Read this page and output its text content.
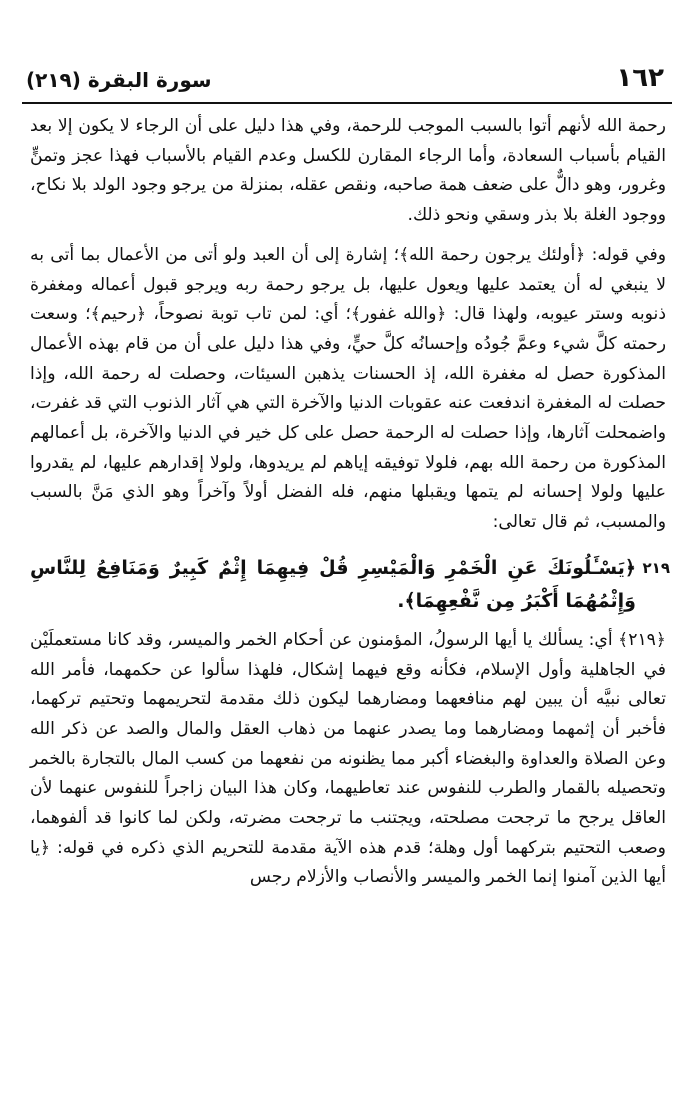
١٦٢
سورة البقرة (٢١٩)

رحمة الله لأنهم أتوا بالسبب الموجب للرحمة، وفي هذا دليل على أن الرجاء لا يكون إلا بعد القيام بأسباب السعادة، وأما الرجاء المقارن للكسل وعدم القيام بالأسباب فهذا عجز وتمنٍّ وغرور، وهو دالٌّ على ضعف همة صاحبه، ونقص عقله، بمنزلة من يرجو وجود الولد بلا نكاح، ووجود الغلة بلا بذر وسقي ونحو ذلك.

وفي قوله: ﴿أولئك يرجون رحمة الله﴾؛ إشارة إلى أن العبد ولو أتى من الأعمال بما أتى به لا ينبغي له أن يعتمد عليها ويعول عليها، بل يرجو رحمة ربه ويرجو قبول أعماله ومغفرة ذنوبه وستر عيوبه، ولهذا قال: ﴿والله غفور﴾؛ أي: لمن تاب توبة نصوحاً، ﴿رحيم﴾؛ وسعت رحمته كلَّ شيء وعمَّ جُودُه وإحسانُه كلَّ حيٍّ، وفي هذا دليل على أن من قام بهذه الأعمال المذكورة حصل له مغفرة الله، إذ الحسنات يذهبن السيئات، وحصلت له رحمة الله، وإذا حصلت له المغفرة اندفعت عنه عقوبات الدنيا والآخرة التي هي آثار الذنوب التي قد غفرت، واضمحلت آثارها، وإذا حصلت له الرحمة حصل على كل خير في الدنيا والآخرة، بل أعمالهم المذكورة من رحمة الله بهم، فلولا توفيقه إياهم لم يريدوها، ولولا إقدارهم عليها، لم يقدروا عليها ولولا إحسانه لم يتمها ويقبلها منهم، فله الفضل أولاً وآخراً وهو الذي مَنَّ بالسبب والمسبب، ثم قال تعالى:

٢١٩
﴿يَسْـَٔلُونَكَ عَنِ الْخَمْرِ وَالْمَيْسِرِ قُلْ فِيهِمَا إِثْمٌ كَبِيرٌ وَمَنَافِعُ لِلنَّاسِ وَإِثْمُهُمَا أَكْبَرُ مِن نَّفْعِهِمَا﴾.

﴿٢١٩﴾ أي: يسألك يا أيها الرسولُ، المؤمنون عن أحكام الخمر والميسر، وقد كانا مستعملَيْن في الجاهلية وأول الإسلام، فكأنه وقع فيهما إشكال، فلهذا سألوا عن حكمهما، فأمر الله تعالى نبيَّه أن يبين لهم منافعهما ومضارهما ليكون ذلك مقدمة لتحريمهما وتحتيم تركهما، فأخبر أن إثمهما ومضارهما وما يصدر عنهما من ذهاب العقل والمال والصد عن ذكر الله وعن الصلاة والعداوة والبغضاء أكبر مما يظنونه من نفعهما من كسب المال بالتجارة بالخمر وتحصيله بالقمار والطرب للنفوس عند تعاطيهما، وكان هذا البيان زاجراً للنفوس عنهما لأن العاقل يرجح ما ترجحت مصلحته، ويجتنب ما ترجحت مضرته، ولكن لما كانوا قد ألفوهما، وصعب التحتيم بتركهما أول وهلة؛ قدم هذه الآية مقدمة للتحريم الذي ذكره في قوله: ﴿يا أيها الذين آمنوا إنما الخمر والميسر والأنصاب والأزلام رجس
